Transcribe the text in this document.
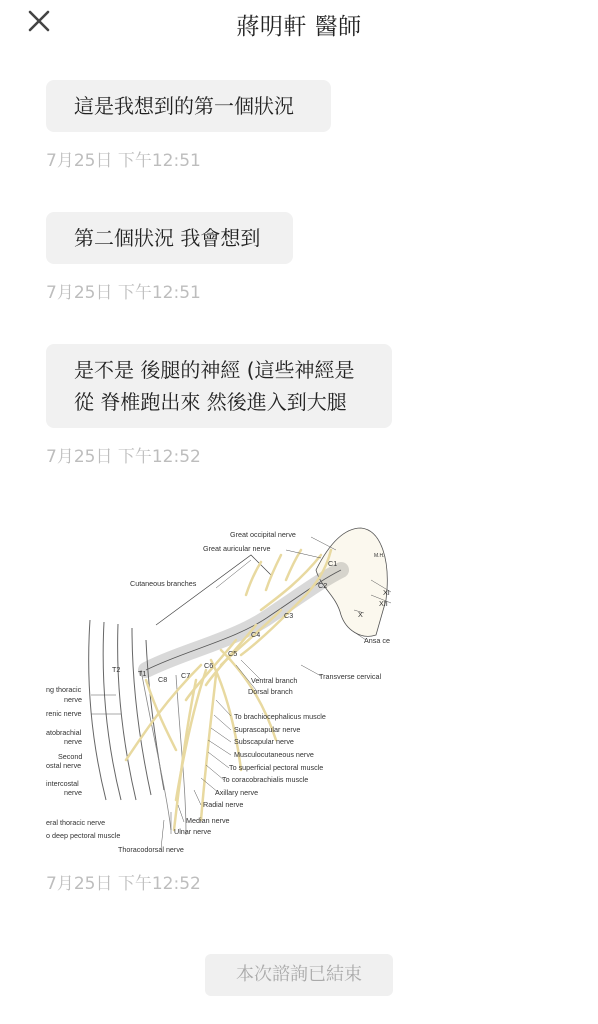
蔣明軒 醫師
這是我想到的第一個狀況
7月25日 下午12:51
第二個狀況 我會想到
7月25日 下午12:51
是不是 後腿的神經 (這些神經是
從 脊椎跑出來 然後進入到大腿
7月25日 下午12:52
C1
C2
C3
C4
C5
C6
C7
C8
T1
T2
XI
XII
X
M.H.
Great occipital nerve
Great auricular nerve
Cutaneous branches
Ansa ce
Transverse cervical
Ventral branch
Dorsal branch
ng thoracic
nerve
renic nerve
atobrachial
nerve
Second
ostal nerve
intercostal
nerve
eral thoracic nerve
o deep pectoral muscle
Thoracodorsal nerve
Ulnar nerve
Median nerve
Radial nerve
Axillary nerve
To coracobrachialis muscle
To superficial pectoral muscle
Musculocutaneous nerve
Subscapular nerve
Suprascapular nerve
To brachiocephalicus muscle
7月25日 下午12:52
本次諮詢已結束
